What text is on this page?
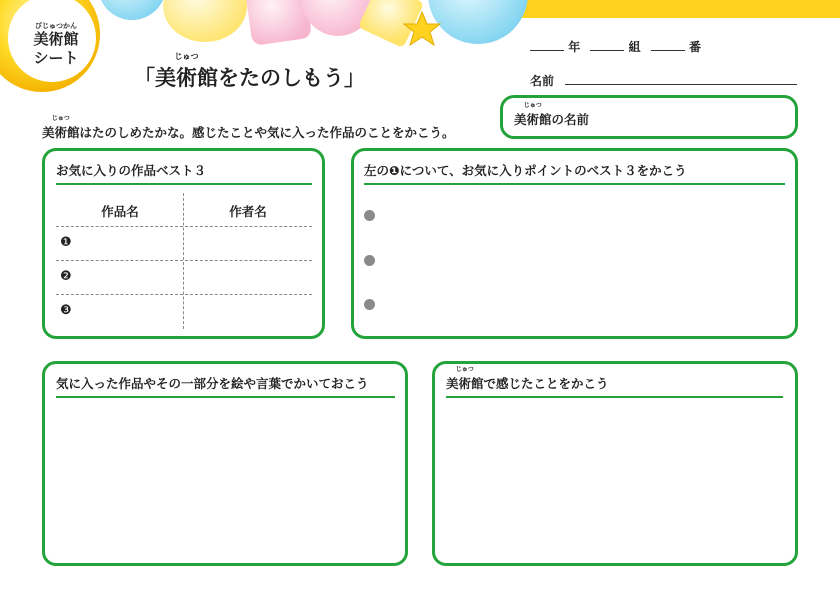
びじゅつかん
美術館
シート
「
じゅつ
美術館をたのしもう」
年	組	番
名前
じゅつ
美術館の名前
じゅつ
美術館はたのしめたかな。感じたことや気に入った作品のことをかこう。
お気に入りの作品ベスト３
作品名	作者名
❶
❷
❸
左の❶について、お気に入りポイントのベスト３をかこう
気に入った作品やその一部分を絵や言葉でかいておこう
じゅつ
美術館で感じたことをかこう
